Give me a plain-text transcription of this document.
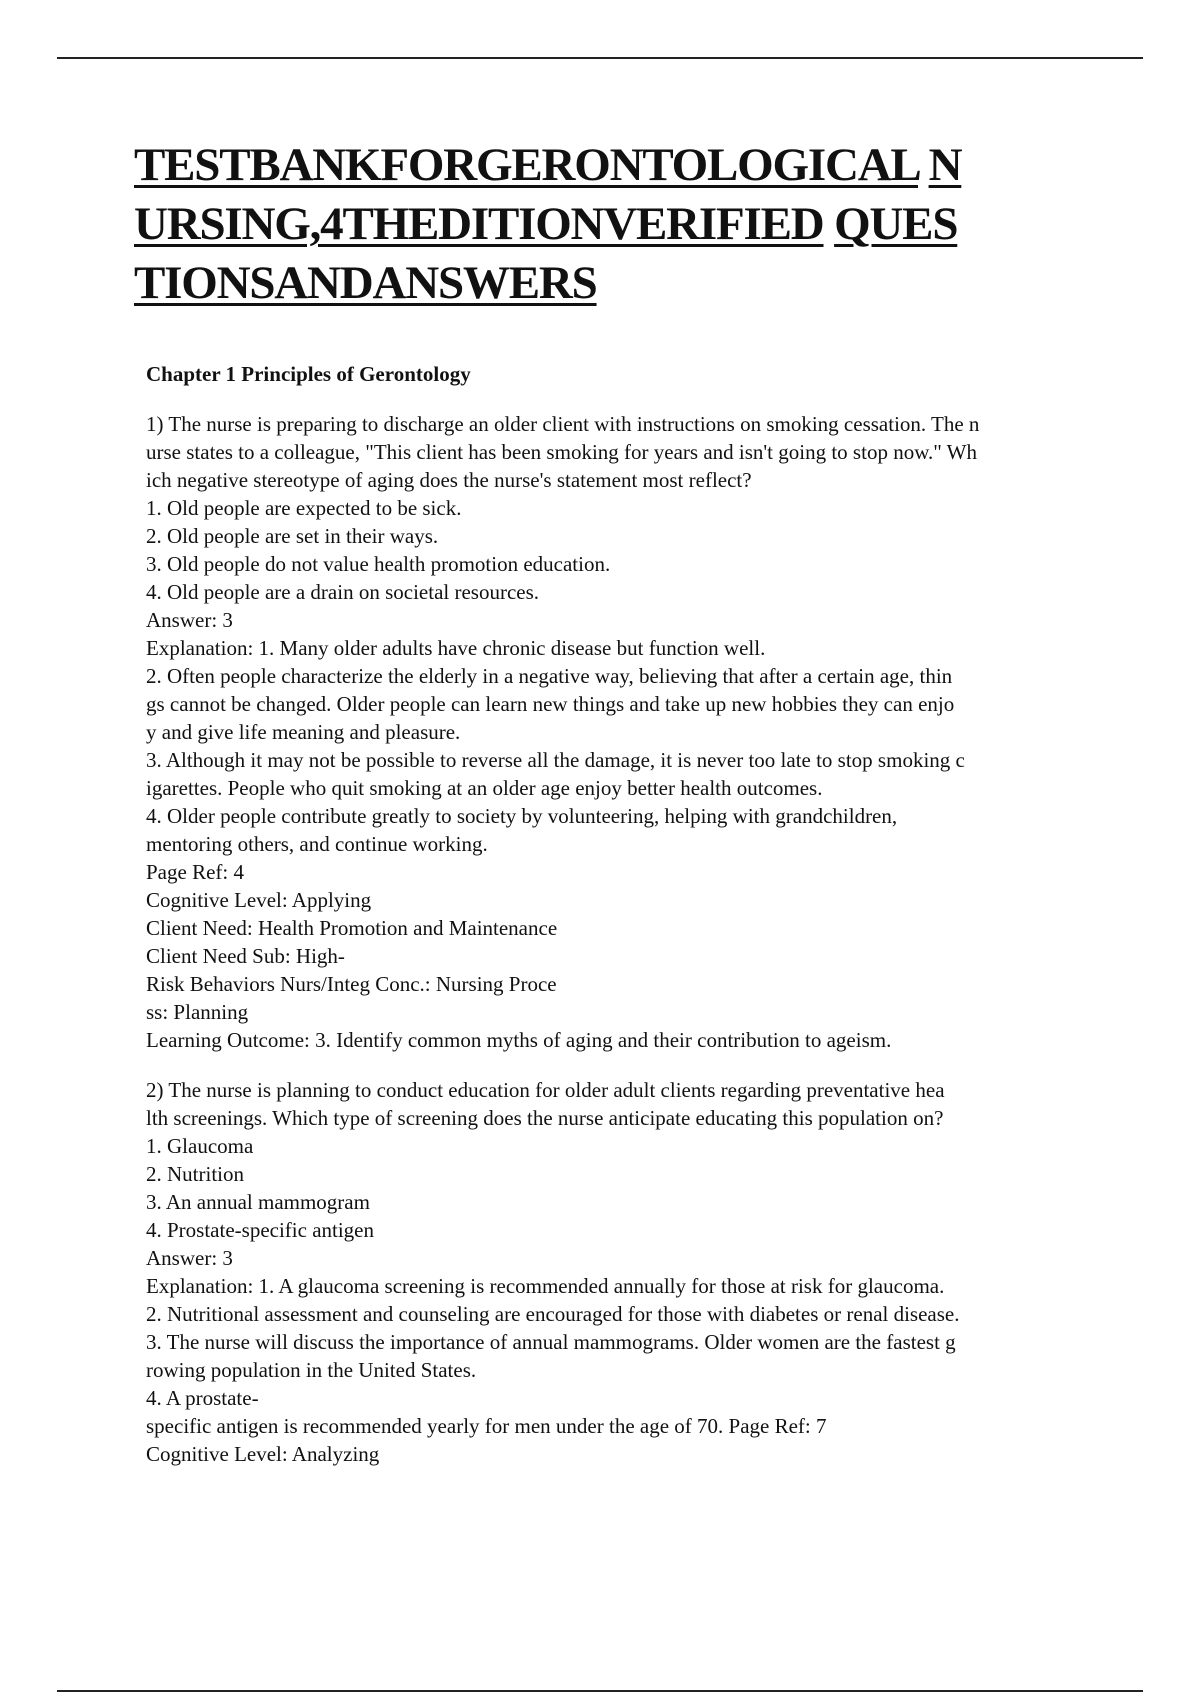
TESTBANKFORGERONTOLOGICAL N
URSING,4THEDITIONVERIFIED QUES
TIONSANDANSWERS
Chapter 1 Principles of Gerontology
1) The nurse is preparing to discharge an older client with instructions on smoking cessation. The n
urse states to a colleague, "This client has been smoking for years and isn't going to stop now." Wh
ich negative stereotype of aging does the nurse's statement most reflect?
1. Old people are expected to be sick.
2. Old people are set in their ways.
3. Old people do not value health promotion education.
4. Old people are a drain on societal resources.
Answer: 3
Explanation: 1. Many older adults have chronic disease but function well.
2. Often people characterize the elderly in a negative way, believing that after a certain age, thin
gs cannot be changed. Older people can learn new things and take up new hobbies they can enjo
y and give life meaning and pleasure.
3. Although it may not be possible to reverse all the damage, it is never too late to stop smoking c
igarettes. People who quit smoking at an older age enjoy better health outcomes.
4. Older people contribute greatly to society by volunteering, helping with grandchildren,
mentoring others, and continue working.
Page Ref: 4
Cognitive Level: Applying
Client Need: Health Promotion and Maintenance
Client Need Sub: High-
Risk Behaviors Nurs/Integ Conc.: Nursing Proce
ss: Planning
Learning Outcome: 3. Identify common myths of aging and their contribution to ageism.
2) The nurse is planning to conduct education for older adult clients regarding preventative hea
lth screenings. Which type of screening does the nurse anticipate educating this population on?
1. Glaucoma
2. Nutrition
3. An annual mammogram
4. Prostate-specific antigen
Answer: 3
Explanation: 1. A glaucoma screening is recommended annually for those at risk for glaucoma.
2. Nutritional assessment and counseling are encouraged for those with diabetes or renal disease.
3. The nurse will discuss the importance of annual mammograms. Older women are the fastest g
rowing population in the United States.
4. A prostate-
specific antigen is recommended yearly for men under the age of 70. Page Ref: 7
Cognitive Level: Analyzing
